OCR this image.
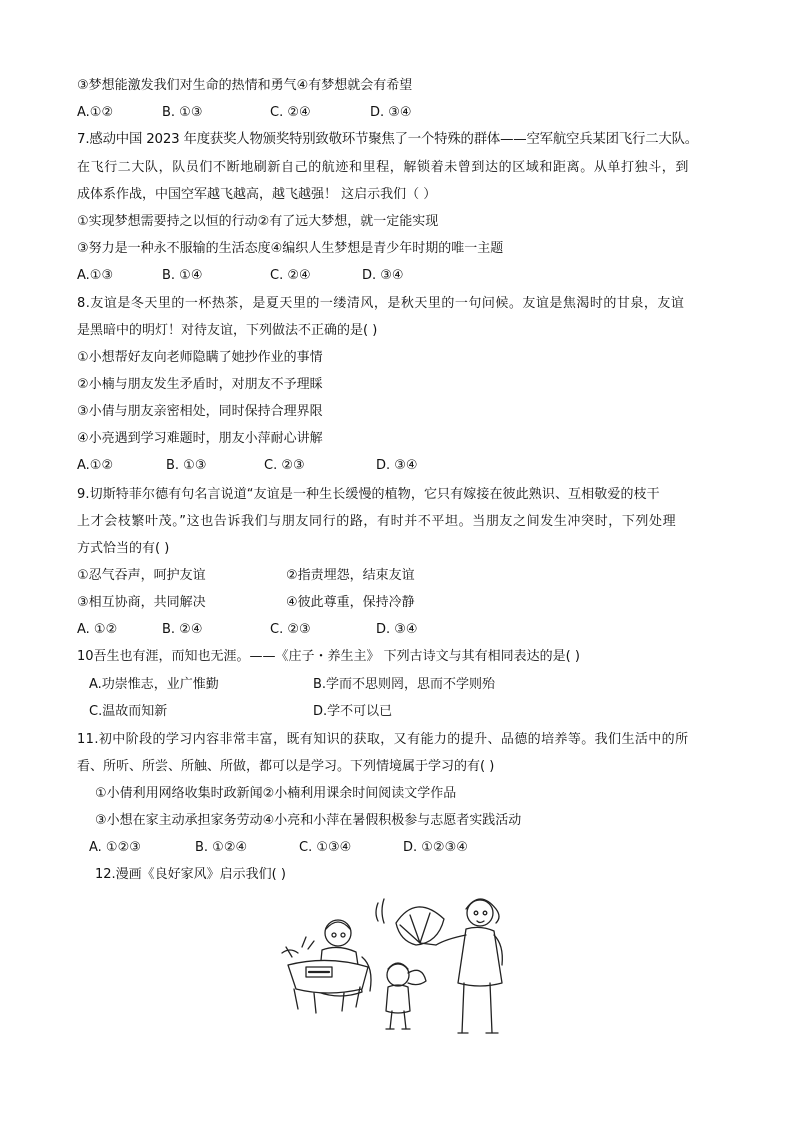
③梦想能激发我们对生命的热情和勇气④有梦想就会有希望
A.①②	B. ①③	C. ②④	D. ③④
7.感动中国 2023 年度获奖人物颁奖特别致敬环节聚焦了一个特殊的群体——空军航空兵某团飞行二大队。
在飞行二大队，队员们不断地刷新自己的航迹和里程，解锁着未曾到达的区域和距离。从单打独斗，到
成体系作战，中国空军越飞越高，越飞越强！ 这启示我们（ ）
①实现梦想需要持之以恒的行动②有了远大梦想，就一定能实现
③努力是一种永不服输的生活态度④编织人生梦想是青少年时期的唯一主题
A.①③	B. ①④	C. ②④	D. ③④
8.友谊是冬天里的一杯热茶，是夏天里的一缕清风，是秋天里的一句问候。友谊是焦渴时的甘泉，友谊
是黑暗中的明灯！对待友谊，下列做法不正确的是( )
①小想帮好友向老师隐瞒了她抄作业的事情
②小楠与朋友发生矛盾时，对朋友不予理睬
③小倩与朋友亲密相处，同时保持合理界限
④小亮遇到学习难题时，朋友小萍耐心讲解
A.①②	B. ①③	C. ②③	D. ③④
9.切斯特菲尔德有句名言说道“友谊是一种生长缓慢的植物，它只有嫁接在彼此熟识、互相敬爱的枝干
上才会枝繁叶茂。”这也告诉我们与朋友同行的路，有时并不平坦。当朋友之间发生冲突时，下列处理
方式恰当的有( )
①忍气吞声，呵护友谊	②指责埋怨，结束友谊
③相互协商，共同解决	④彼此尊重，保持冷静
A. ①②	B. ②④	C. ②③	D. ③④
10吾生也有涯，而知也无涯。——《庄子・养生主》 下列古诗文与其有相同表达的是( )
A.功崇惟志，业广惟勤	B.学而不思则罔，思而不学则殆
C.温故而知新	D.学不可以已
11.初中阶段的学习内容非常丰富，既有知识的获取，又有能力的提升、品德的培养等。我们生活中的所
看、所听、所尝、所触、所做，都可以是学习。下列情境属于学习的有( )
①小倩利用网络收集时政新闻②小楠利用课余时间阅读文学作品
③小想在家主动承担家务劳动④小亮和小萍在暑假积极参与志愿者实践活动
A. ①②③	B. ①②④	C. ①③④	D. ①②③④
12.漫画《良好家风》启示我们( )
